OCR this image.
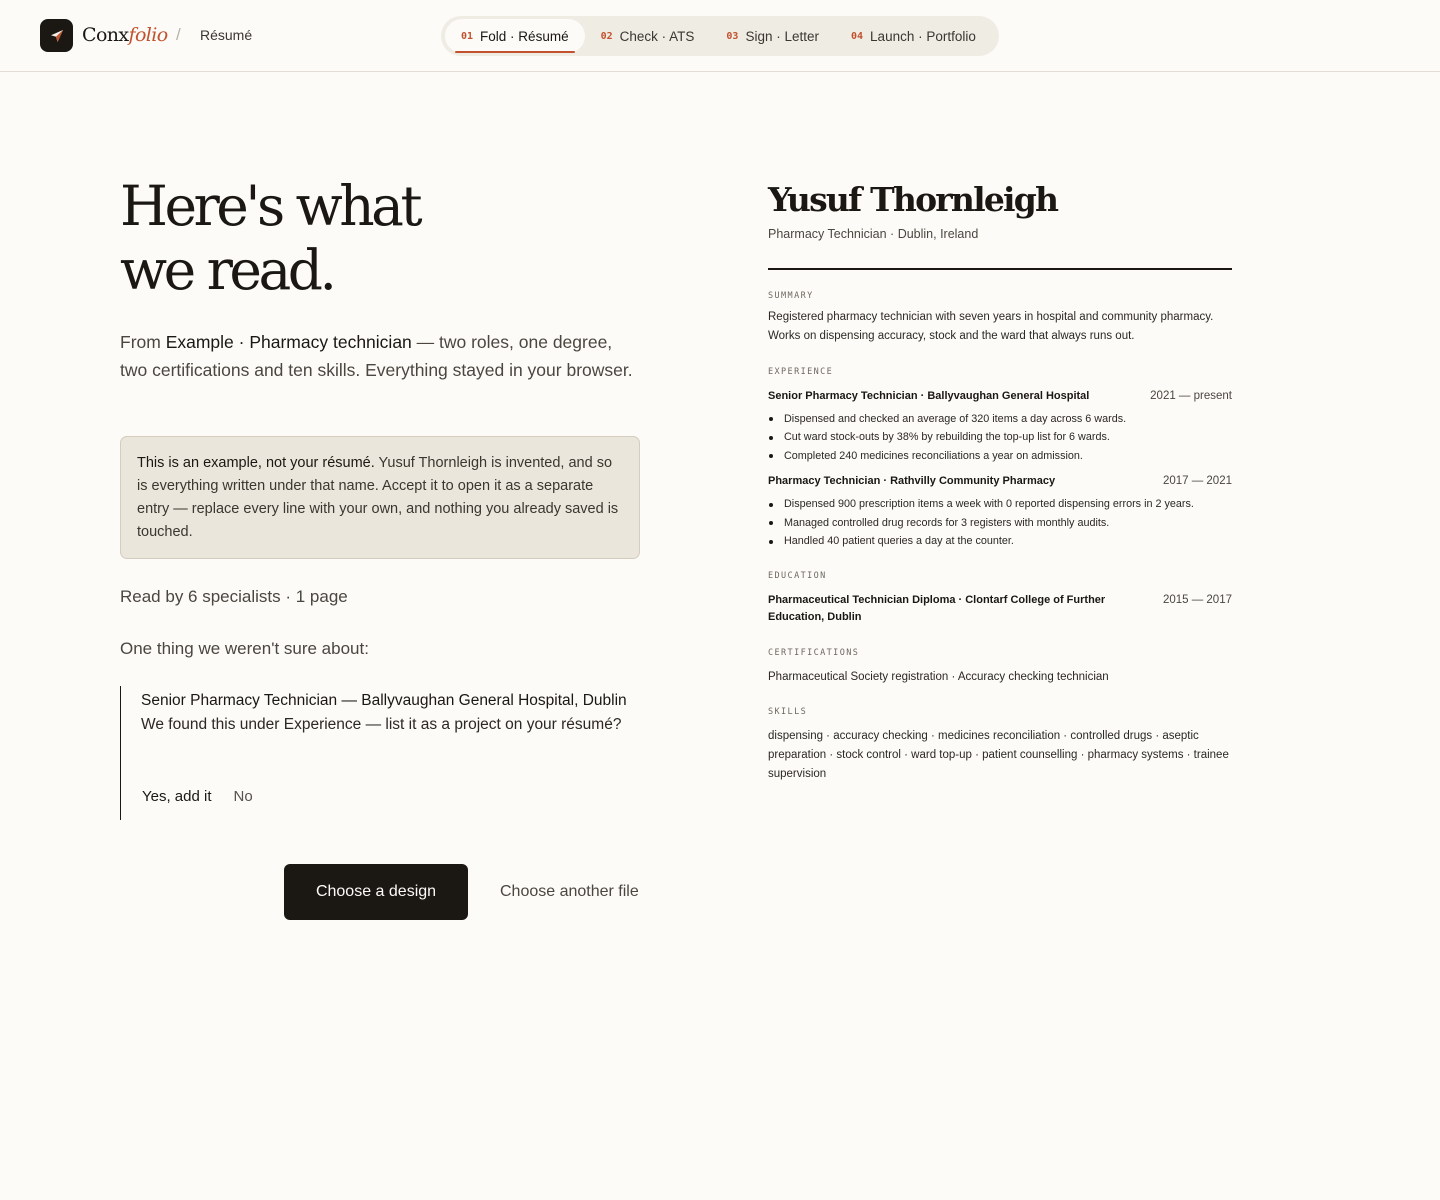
Conxfolio / Résumé	01 Fold · Résumé	02 Check · ATS	03 Sign · Letter	04 Launch · Portfolio
Here's what
we read.

From Example · Pharmacy technician — two roles, one degree, two certifications and ten skills. Everything stayed in your browser.

This is an example, not your résumé. Yusuf Thornleigh is invented, and so is everything written under that name. Accept it to open it as a separate entry — replace every line with your own, and nothing you already saved is touched.

Read by 6 specialists · 1 page

One thing we weren't sure about:

Senior Pharmacy Technician — Ballyvaughan General Hospital, Dublin We found this under Experience — list it as a project on your résumé?

Yes, add it No
Choose a design	Choose another file
Yusuf Thornleigh

Pharmacy Technician · Dublin, Ireland

SUMMARY

Registered pharmacy technician with seven years in hospital and community pharmacy. Works on dispensing accuracy, stock and the ward that always runs out.

EXPERIENCE

Senior Pharmacy Technician · Ballyvaughan General Hospital	2021 — present
Dispensed and checked an average of 320 items a day across 6 wards.
Cut ward stock-outs by 38% by rebuilding the top-up list for 6 wards.
Completed 240 medicines reconciliations a year on admission.
Pharmacy Technician · Rathvilly Community Pharmacy	2017 — 2021
Dispensed 900 prescription items a week with 0 reported dispensing errors in 2 years.
Managed controlled drug records for 3 registers with monthly audits.
Handled 40 patient queries a day at the counter.

EDUCATION

Pharmaceutical Technician Diploma · Clontarf College of Further Education, Dublin
2015 — 2017

CERTIFICATIONS

Pharmaceutical Society registration · Accuracy checking technician

SKILLS

dispensing · accuracy checking · medicines reconciliation · controlled drugs · aseptic preparation · stock control · ward top-up · patient counselling · pharmacy systems · trainee supervision
